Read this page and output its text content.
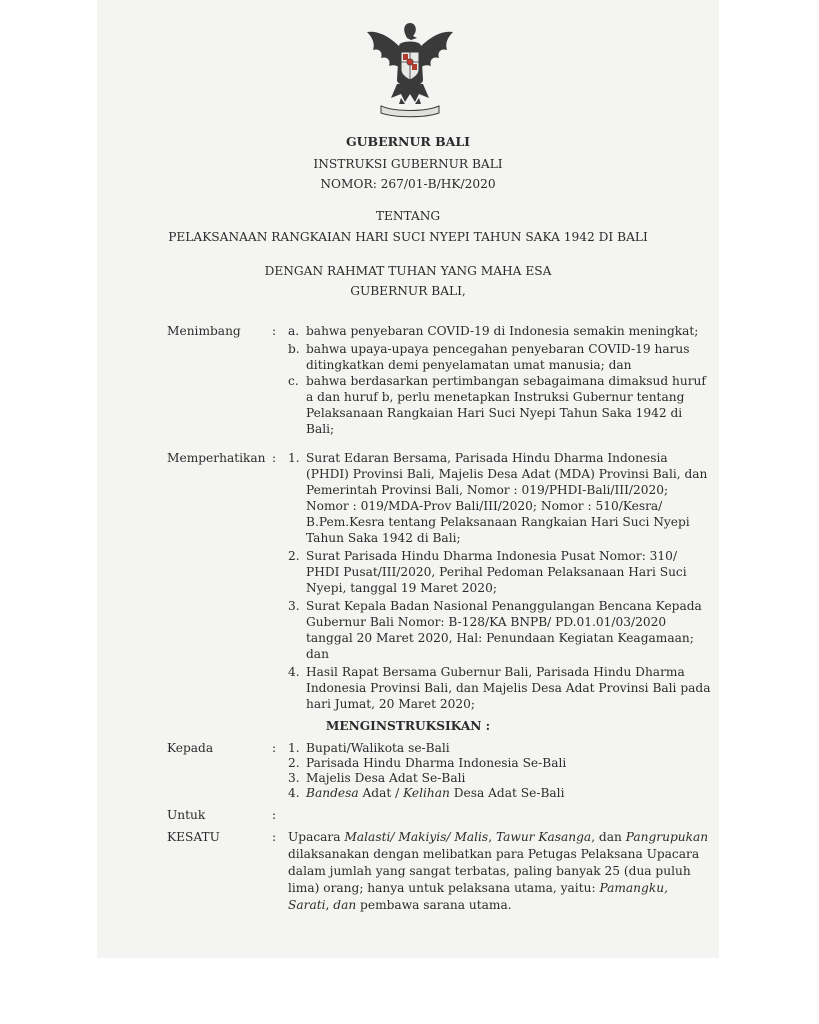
GUBERNUR BALI
INSTRUKSI GUBERNUR BALI
NOMOR: 267/01-B/HK/2020
TENTANG
PELAKSANAAN RANGKAIAN HARI SUCI NYEPI TAHUN SAKA 1942 DI BALI
DENGAN RAHMAT TUHAN YANG MAHA ESA
GUBERNUR BALI,
Menimbang	: a. bahwa penyebaran COVID-19 di Indonesia semakin meningkat;
b. bahwa upaya-upaya pencegahan penyebaran COVID-19 harus
ditingkatkan demi penyelamatan umat manusia; dan
c. bahwa berdasarkan pertimbangan sebagaimana dimaksud huruf
a dan huruf b, perlu menetapkan Instruksi Gubernur tentang
Pelaksanaan Rangkaian Hari Suci Nyepi Tahun Saka 1942 di
Bali;
Memperhatikan : 1. Surat Edaran Bersama, Parisada Hindu Dharma Indonesia
(PHDI) Provinsi Bali, Majelis Desa Adat (MDA) Provinsi Bali, dan
Pemerintah Provinsi Bali, Nomor : 019/PHDI-Bali/III/2020;
Nomor : 019/MDA-Prov Bali/III/2020; Nomor : 510/Kesra/
B.Pem.Kesra tentang Pelaksanaan Rangkaian Hari Suci Nyepi
Tahun Saka 1942 di Bali;
2. Surat Parisada Hindu Dharma Indonesia Pusat Nomor: 310/
PHDI Pusat/III/2020, Perihal Pedoman Pelaksanaan Hari Suci
Nyepi, tanggal 19 Maret 2020;
3. Surat Kepala Badan Nasional Penanggulangan Bencana Kepada
Gubernur Bali Nomor: B-128/KA BNPB/ PD.01.01/03/2020
tanggal 20 Maret 2020, Hal: Penundaan Kegiatan Keagamaan;
dan
4. Hasil Rapat Bersama Gubernur Bali, Parisada Hindu Dharma
Indonesia Provinsi Bali, dan Majelis Desa Adat Provinsi Bali pada
hari Jumat, 20 Maret 2020;
MENGINSTRUKSIKAN :
Kepada	: 1. Bupati/Walikota se-Bali
2. Parisada Hindu Dharma Indonesia Se-Bali
3. Majelis Desa Adat Se-Bali
4. Bandesa Adat / Kelihan Desa Adat Se-Bali
Untuk	:
KESATU	: Upacara Malasti/ Makiyis/ Malis, Tawur Kasanga, dan Pangrupukan
dilaksanakan dengan melibatkan para Petugas Pelaksana Upacara
dalam jumlah yang sangat terbatas, paling banyak 25 (dua puluh
lima) orang; hanya untuk pelaksana utama, yaitu: Pamangku,
Sarati, dan pembawa sarana utama.
